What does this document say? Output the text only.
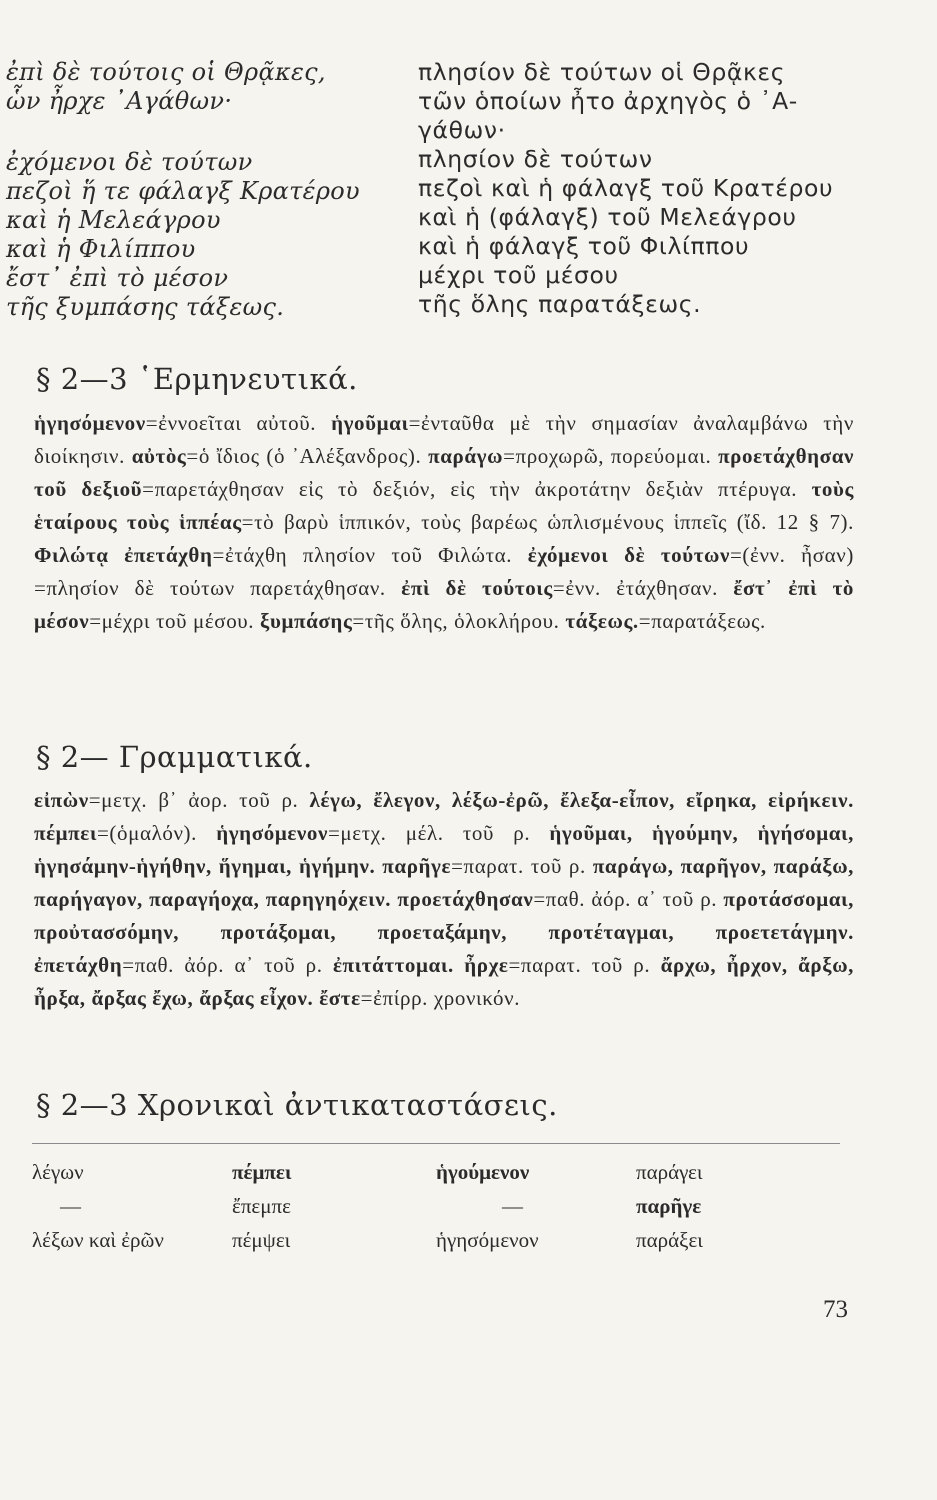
ἐπὶ δὲ τούτοις οἱ Θρᾷκες,
ὧν ἦρχε ᾽Αγάθων·
ἐχόμενοι δὲ τούτων
πεζοὶ ἥ τε φάλαγξ Κρατέρου
καὶ ἡ Μελεάγρου
καὶ ἡ Φιλίππου
ἔστ᾽ ἐπὶ τὸ μέσον
τῆς ξυμπάσης τάξεως.
πλησίον δὲ τούτων οἱ Θρᾷκες
τῶν ὁποίων ἦτο ἀρχηγὸς ὁ ᾽Α-
γάθων·
πλησίον δὲ τούτων
πεζοὶ καὶ ἡ φάλαγξ τοῦ Κρατέρου
καὶ ἡ (φάλαγξ) τοῦ Μελεάγρου
καὶ ἡ φάλαγξ τοῦ Φιλίππου
μέχρι τοῦ μέσου
τῆς ὅλης παρατάξεως.
§ 2—3 ῾Ερμηνευτικά.
ἡγησόμενον=ἐννοεῖται αὐτοῦ. ἡγοῦμαι=ἐνταῦθα μὲ τὴν σημασίαν ἀναλαμβάνω τὴν διοίκησιν. αὐτὸς=ὁ ἴδιος (ὁ ᾽Αλέξανδρος). παράγω=προχωρῶ, πορεύομαι. προετάχθησαν τοῦ δεξιοῦ=παρετάχθησαν εἰς τὸ δεξιόν, εἰς τὴν ἀκροτάτην δεξιὰν πτέρυγα. τοὺς ἑταίρους τοὺς ἱππέας=τὸ βαρὺ ἱππικόν, τοὺς βαρέως ὡπλισμένους ἱππεῖς (ἴδ. 12 § 7). Φιλώτᾳ ἐπετάχθη=ἐτάχθη πλησίον τοῦ Φιλώτα. ἐχόμενοι δὲ τούτων=(ἐνν. ἦσαν) =πλησίον δὲ τούτων παρετάχθησαν. ἐπὶ δὲ τούτοις=ἐνν. ἐτάχθησαν. ἔστ᾽ ἐπὶ τὸ μέσον=μέχρι τοῦ μέσου. ξυμπάσης=τῆς ὅλης, ὁλοκλήρου. τάξεως.=παρατάξεως.
§ 2— Γραμματικά.
εἰπὼν=μετχ. β᾽ ἀορ. τοῦ ρ. λέγω, ἔλεγον, λέξω-ἐρῶ, ἔλεξα-εἶπον, εἴρηκα, εἰρήκειν. πέμπει=(ὁμαλόν). ἡγησόμενον=μετχ. μέλ. τοῦ ρ. ἡγοῦμαι, ἡγούμην, ἡγήσομαι, ἡγησάμην-ἡγήθην, ἥγημαι, ἡγήμην. παρῆγε=παρατ. τοῦ ρ. παράγω, παρῆγον, παράξω, παρήγαγον, παραγήοχα, παρηγηόχειν. προετάχθησαν=παθ. ἀόρ. α᾽ τοῦ ρ. προτάσσομαι, προὐτασσόμην, προτάξομαι, προεταξάμην, προτέταγμαι, προετετάγμην. ἐπετάχθη=παθ. ἀόρ. α᾽ τοῦ ρ. ἐπιτάττομαι. ἦρχε=παρατ. τοῦ ρ. ἄρχω, ἦρχον, ἄρξω, ἦρξα, ἄρξας ἔχω, ἄρξας εἶχον. ἔστε=ἐπίρρ. χρονικόν.
§ 2—3 Χρονικαὶ ἀντικαταστάσεις.
λέγων	πέμπει	ἡγούμενον	παράγει
—	ἔπεμπε	—	παρῆγε
λέξων καὶ ἐρῶν	πέμψει	ἡγησόμενον	παράξει
73
